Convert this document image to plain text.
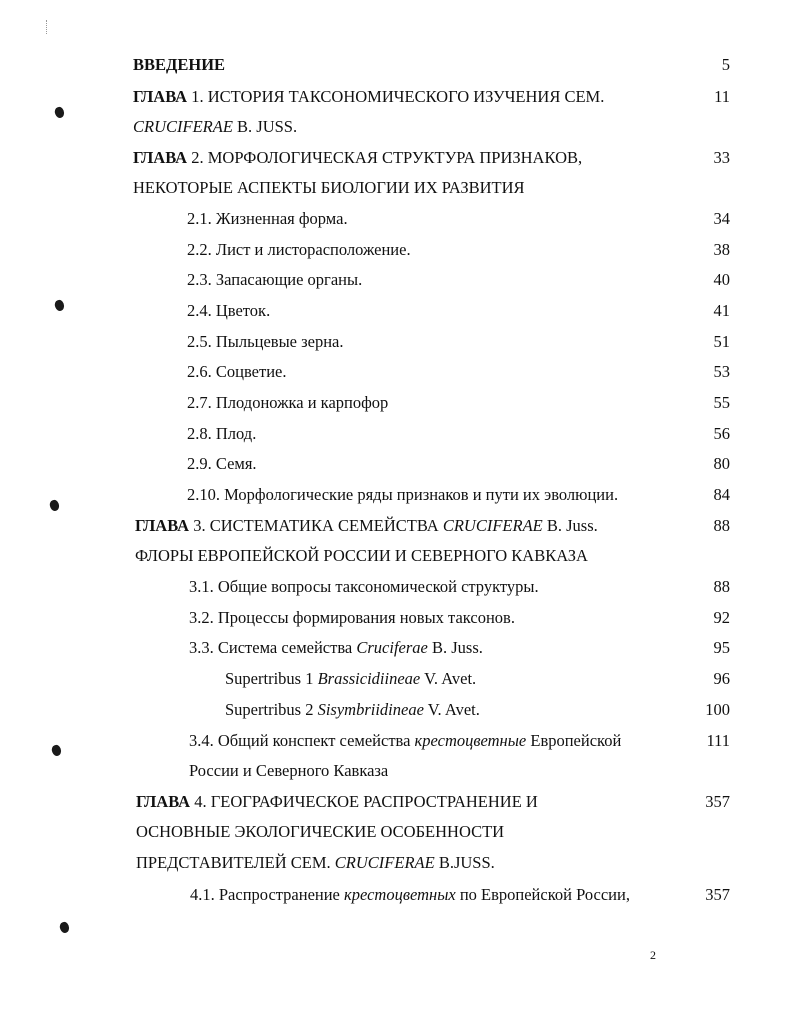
ВВЕДЕНИЕ	5
ГЛАВА 1. ИСТОРИЯ ТАКСОНОМИЧЕСКОГО ИЗУЧЕНИЯ СЕМ.	11
CRUCIFERAE B. JUSS.
ГЛАВА 2. МОРФОЛОГИЧЕСКАЯ СТРУКТУРА ПРИЗНАКОВ,	33
НЕКОТОРЫЕ АСПЕКТЫ БИОЛОГИИ ИХ РАЗВИТИЯ
2.1. Жизненная форма.	34
2.2. Лист и листорасположение.	38
2.3. Запасающие органы.	40
2.4. Цветок.	41
2.5. Пыльцевые зерна.	51
2.6. Соцветие.	53
2.7. Плодоножка и карпофор	55
2.8. Плод.	56
2.9. Семя.	80
2.10. Морфологические ряды признаков и пути их эволюции.	84
ГЛАВА 3. СИСТЕМАТИКА СЕМЕЙСТВА CRUCIFERAE B. Juss.	88
ФЛОРЫ ЕВРОПЕЙСКОЙ РОССИИ И СЕВЕРНОГО КАВКАЗА
3.1. Общие вопросы таксономической структуры.	88
3.2. Процессы формирования новых таксонов.	92
3.3. Система семейства Cruciferae B. Juss.	95
Supertribus 1 Brassicidiineae V. Avet.	96
Supertribus 2 Sisymbriidineae V. Avet.	100
3.4. Общий конспект семейства крестоцветные Европейской	111
России и Северного Кавказа
ГЛАВА 4. ГЕОГРАФИЧЕСКОЕ РАСПРОСТРАНЕНИЕ И	357
ОСНОВНЫЕ ЭКОЛОГИЧЕСКИЕ ОСОБЕННОСТИ
ПРЕДСТАВИТЕЛЕЙ СЕМ. CRUCIFERAE B.JUSS.
4.1. Распространение крестоцветных по Европейской России,	357
2
